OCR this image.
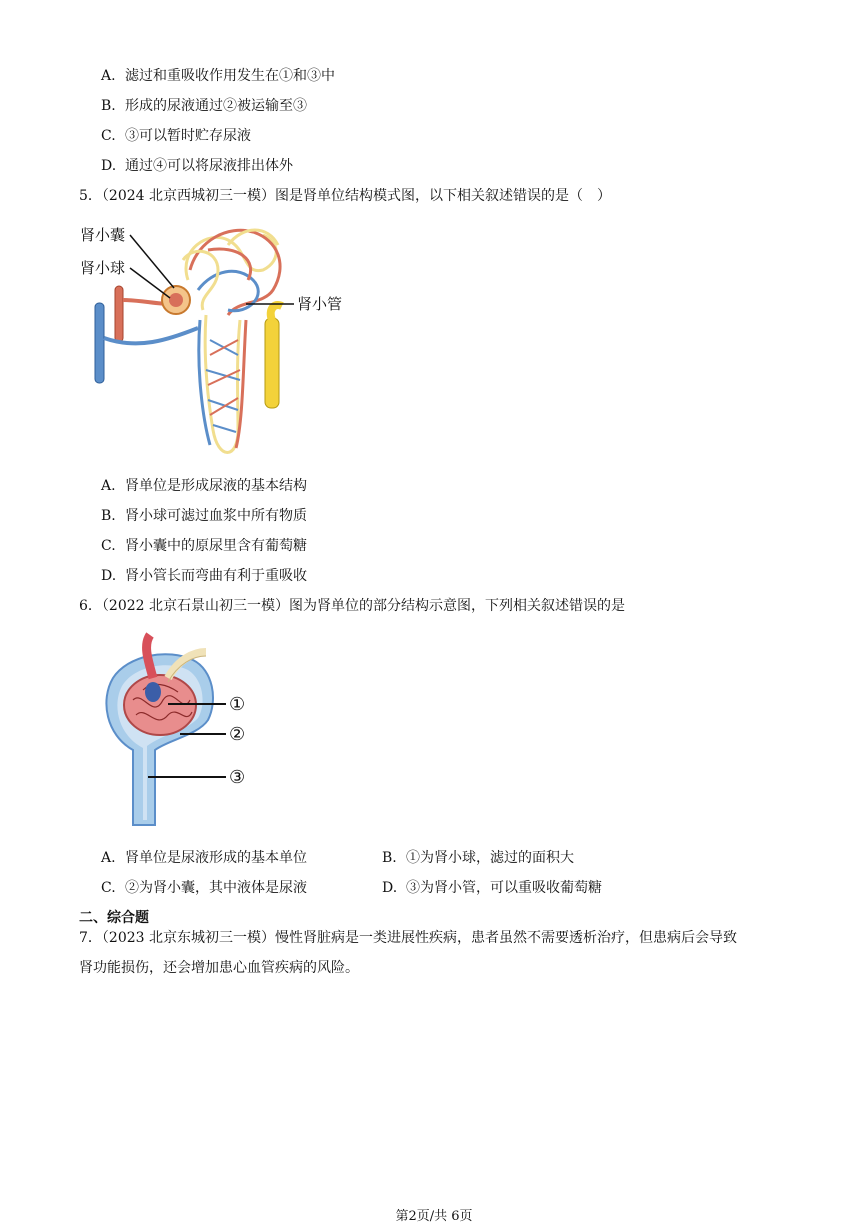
A. 滤过和重吸收作用发生在①和③中
B. 形成的尿液通过②被运输至③
C. ③可以暂时贮存尿液
D. 通过④可以将尿液排出体外
5．（2024 北京西城初三一模）图是肾单位结构模式图，以下相关叙述错误的是（　）
肾小囊
肾小球
肾小管
A. 肾单位是形成尿液的基本结构
B. 肾小球可滤过血浆中所有物质
C. 肾小囊中的原尿里含有葡萄糖
D. 肾小管长而弯曲有利于重吸收
6．（2022 北京石景山初三一模）图为肾单位的部分结构示意图，下列相关叙述错误的是
①
②
③
A. 肾单位是尿液形成的基本单位	B. ①为肾小球，滤过的面积大
C. ②为肾小囊，其中液体是尿液	D. ③为肾小管，可以重吸收葡萄糖
二、综合题
7．（2023 北京东城初三一模）慢性肾脏病是一类进展性疾病，患者虽然不需要透析治疗，但患病后会导致
肾功能损伤，还会增加患心血管疾病的风险。
第2页/共 6页
